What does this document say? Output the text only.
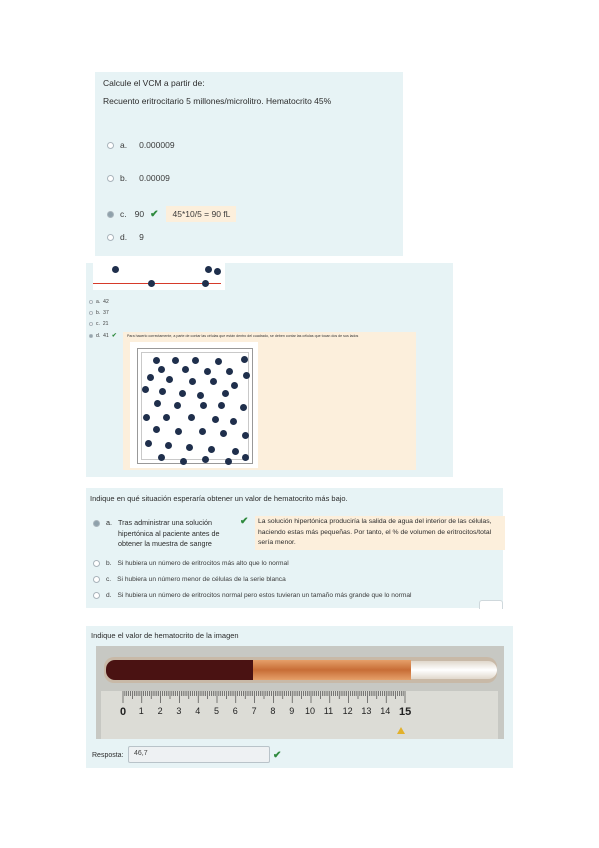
Calcule el VCM a partir de:
Recuento eritrocitario 5 millones/microlitro. Hematocrito 45%
a. 0.000009
b. 0.00009
c. 90 ✔	45*10/5 = 90 fL
d. 9
a. 42
b. 37
c. 21
d. 41 ✔	Para hacerlo correctamente, a parte de contar las células que están dentro del cuadrado, se deben contar las células que tocan dos de sus lados
Indique en qué situación esperaría obtener un valor de hematocrito más bajo.
a. Tras administrar una solución hipertónica al paciente antes de obtener la muestra de sangre
✔	La solución hipertónica produciría la salida de agua del interior de las células, haciendo estas más pequeñas. Por tanto, el % de volumen de eritrocitos/total sería menor.
b. Si hubiera un número de eritrocitos más alto que lo normal
c. Si hubiera un número menor de células de la serie blanca
d. Si hubiera un número de eritrocitos normal pero estos tuvieran un tamaño más grande que lo normal
Indique el valor de hematocrito de la imagen
0 1 2 3 4 5 6 7 8 9 10 11 12 13 14 15
Resposta: 46,7	✔
